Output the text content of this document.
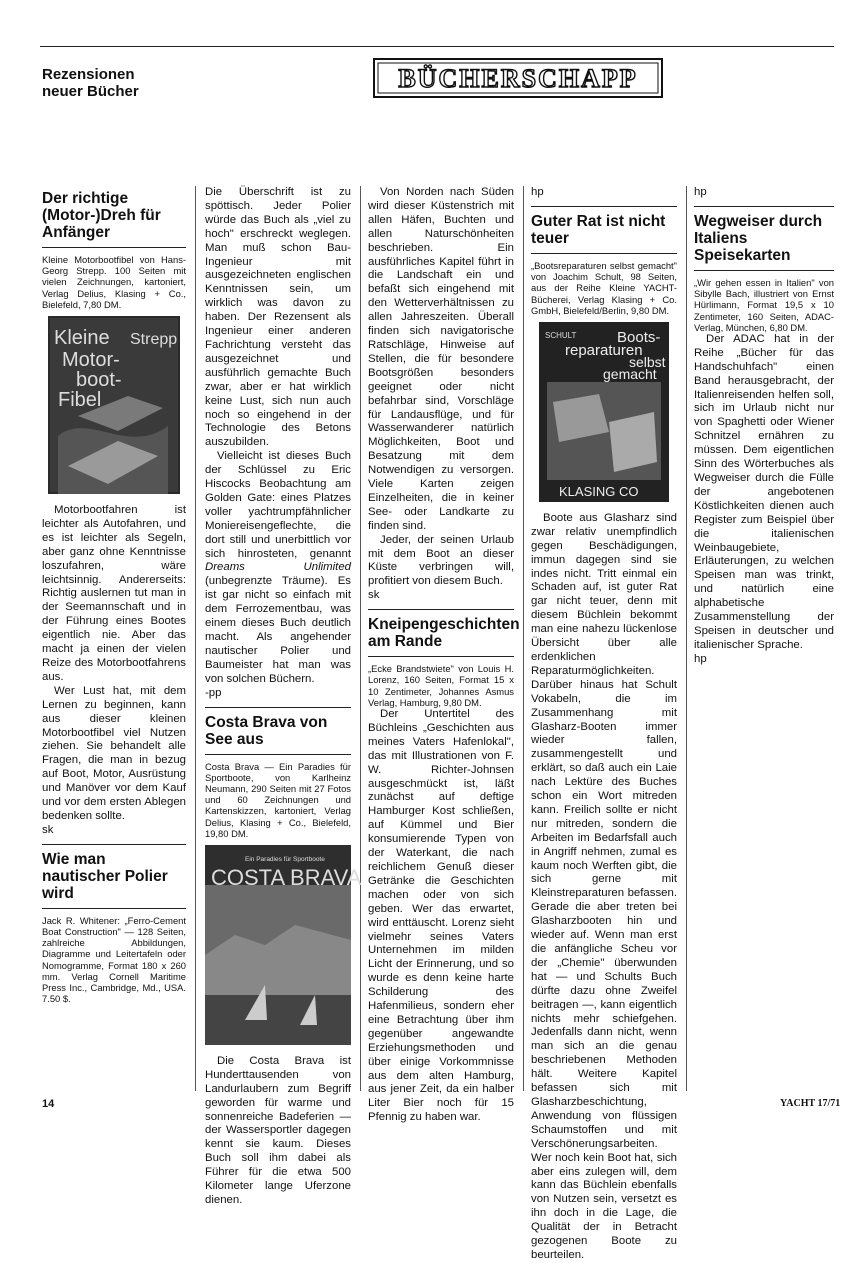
Rezensionen
neuer Bücher	BÜCHERSCHAPP
Der richtige (Motor-)Dreh für Anfänger

Kleine Motorbootfibel von Hans-Georg Strepp. 100 Seiten mit vielen Zeichnungen, kartoniert, Verlag Delius, Klasing + Co., Bielefeld, 7,80 DM.

Kleine Strepp
Motor-
boot-
Fibel

Motorbootfahren ist leichter als Autofahren, und es ist leichter als Segeln, aber ganz ohne Kenntnisse loszufahren, wäre leichtsinnig. Andererseits: Richtig auslernen tut man in der Seemannschaft und in der Führung eines Bootes eigentlich nie. Aber das macht ja einen der vielen Reize des Motorbootfahrens aus.

Wer Lust hat, mit dem Lernen zu beginnen, kann aus dieser kleinen Motorbootfibel viel Nutzen ziehen. Sie behandelt alle Fragen, die man in bezug auf Boot, Motor, Ausrüstung und Manöver vor dem Kauf und vor dem ersten Ablegen bedenken sollte.

sk

Wie man nautischer Polier wird

Jack R. Whitener: „Ferro-Cement Boat Construction" — 128 Seiten, zahlreiche Abbildungen, Diagramme und Leitertafeln oder Nomogramme, Format 180 x 260 mm. Verlag Cornell Maritime Press Inc., Cambridge, Md., USA. 7.50 $.

Die Überschrift ist zu spöttisch. Jeder Polier würde das Buch als „viel zu hoch" erschreckt weglegen. Man muß schon Bau-Ingenieur mit ausgezeichneten englischen Kenntnissen sein, um wirklich was davon zu haben. Der Rezensent als Ingenieur einer anderen Fachrichtung versteht das ausgezeichnet und ausführlich gemachte Buch zwar, aber er hat wirklich keine Lust, sich nun auch noch so eingehend in der Technologie des Betons auszubilden.

Vielleicht ist dieses Buch der Schlüssel zu Eric Hiscocks Beobachtung am Golden Gate: eines Platzes voller yachtrumpfähnlicher Moniereisengeflechte, die dort still und unerbittlich vor sich hinrosteten, genannt Dreams Unlimited (unbegrenzte Träume). Es ist gar nicht so einfach mit dem Ferrozementbau, was einem dieses Buch deutlich macht. Als angehender nautischer Polier und Baumeister hat man was von solchen Büchern.

-pp

Costa Brava von See aus

Costa Brava — Ein Paradies für Sportboote, von Karlheinz Neumann, 290 Seiten mit 27 Fotos und 60 Zeichnungen und Kartenskizzen, kartoniert, Verlag Delius, Klasing + Co., Bielefeld, 19,80 DM.

Ein Paradies für Sportboote
COSTA BRAVA

Die Costa Brava ist Hunderttausenden von Landurlaubern zum Begriff geworden für warme und sonnenreiche Badeferien — der Wassersportler dagegen kennt sie kaum. Dieses Buch soll ihm dabei als Führer für die etwa 500 Kilometer lange Uferzone dienen.

Von Norden nach Süden wird dieser Küstenstrich mit allen Häfen, Buchten und allen Naturschönheiten beschrieben. Ein ausführliches Kapitel führt in die Landschaft ein und befaßt sich eingehend mit den Wetterverhältnissen zu allen Jahreszeiten. Überall finden sich navigatorische Ratschläge, Hinweise auf Stellen, die für besondere Bootsgrößen besonders geeignet oder nicht befahrbar sind, Vorschläge für Landausflüge, und für Wasserwanderer natürlich Möglichkeiten, Boot und Besatzung mit dem Notwendigen zu versorgen. Viele Karten zeigen Einzelheiten, die in keiner See- oder Landkarte zu finden sind.

Jeder, der seinen Urlaub mit dem Boot an dieser Küste verbringen will, profitiert von diesem Buch.

sk

Kneipengeschichten am Rande

„Ecke Brandstwiete" von Louis H. Lorenz, 160 Seiten, Format 15 x 10 Zentimeter, Johannes Asmus Verlag, Hamburg, 9,80 DM.

Der Untertitel des Büchleins „Geschichten aus meines Vaters Hafenlokal", das mit Illustrationen von F. W. Richter-Johnsen ausgeschmückt ist, läßt zunächst auf deftige Hamburger Kost schließen, auf Kümmel und Bier konsumierende Typen von der Waterkant, die nach reichlichem Genuß dieser Getränke die Geschichten machen oder von sich geben. Wer das erwartet, wird enttäuscht. Lorenz sieht vielmehr seines Vaters Unternehmen im milden Licht der Erinnerung, und so wurde es denn keine harte Schilderung des Hafenmilieus, sondern eher eine Betrachtung über ihm gegenüber angewandte Erziehungsmethoden und über einige Vorkommnisse aus dem alten Hamburg, aus jener Zeit, da ein halber Liter Bier noch für 15 Pfennig zu haben war.

hp

Guter Rat ist nicht teuer

„Bootsreparaturen selbst gemacht" von Joachim Schult, 98 Seiten, aus der Reihe Kleine YACHT-Bücherei, Verlag Klasing + Co. GmbH, Bielefeld/Berlin, 9,80 DM.

SCHULT	Boots-
reparaturen
selbst
gemacht
KLASING CO

Boote aus Glasharz sind zwar relativ unempfindlich gegen Beschädigungen, immun dagegen sind sie indes nicht. Tritt einmal ein Schaden auf, ist guter Rat gar nicht teuer, denn mit diesem Büchlein bekommt man eine nahezu lückenlose Übersicht über alle erdenklichen Reparaturmöglichkeiten. Darüber hinaus hat Schult Vokabeln, die im Zusammenhang mit Glasharz-Booten immer wieder fallen, zusammengestellt und erklärt, so daß auch ein Laie nach Lektüre des Buches schon ein Wort mitreden kann. Freilich sollte er nicht nur mitreden, sondern die Arbeiten im Bedarfsfall auch in Angriff nehmen, zumal es kaum noch Werften gibt, die sich gerne mit Kleinstreparaturen befassen. Gerade die aber treten bei Glasharzbooten hin und wieder auf. Wenn man erst die anfängliche Scheu vor der „Chemie" überwunden hat — und Schults Buch dürfte dazu ohne Zweifel beitragen —, kann eigentlich nichts mehr schiefgehen. Jedenfalls dann nicht, wenn man sich an die genau beschriebenen Methoden hält. Weitere Kapitel befassen sich mit Glasharzbeschichtung, Anwendung von flüssigen Schaumstoffen und mit Verschönerungsarbeiten. Wer noch kein Boot hat, sich aber eins zulegen will, dem kann das Büchlein ebenfalls von Nutzen sein, versetzt es ihn doch in die Lage, die Qualität der in Betracht gezogenen Boote zu beurteilen.

hp

Wegweiser durch Italiens Speisekarten

„Wir gehen essen in Italien" von Sibylle Bach, illustriert von Ernst Hürlimann, Format 19,5 x 10 Zentimeter, 160 Seiten, ADAC-Verlag, München, 6,80 DM.

Der ADAC hat in der Reihe „Bücher für das Handschuhfach" einen Band herausgebracht, der Italienreisenden helfen soll, sich im Urlaub nicht nur von Spaghetti oder Wiener Schnitzel ernähren zu müssen. Dem eigentlichen Sinn des Wörterbuches als Wegweiser durch die Fülle der angebotenen Köstlichkeiten dienen auch Register zum Beispiel über die italienischen Weinbaugebiete, Erläuterungen, zu welchen Speisen man was trinkt, und natürlich eine alphabetische Zusammenstellung der Speisen in deutscher und italienischer Sprache.

hp

14	YACHT 17/71
